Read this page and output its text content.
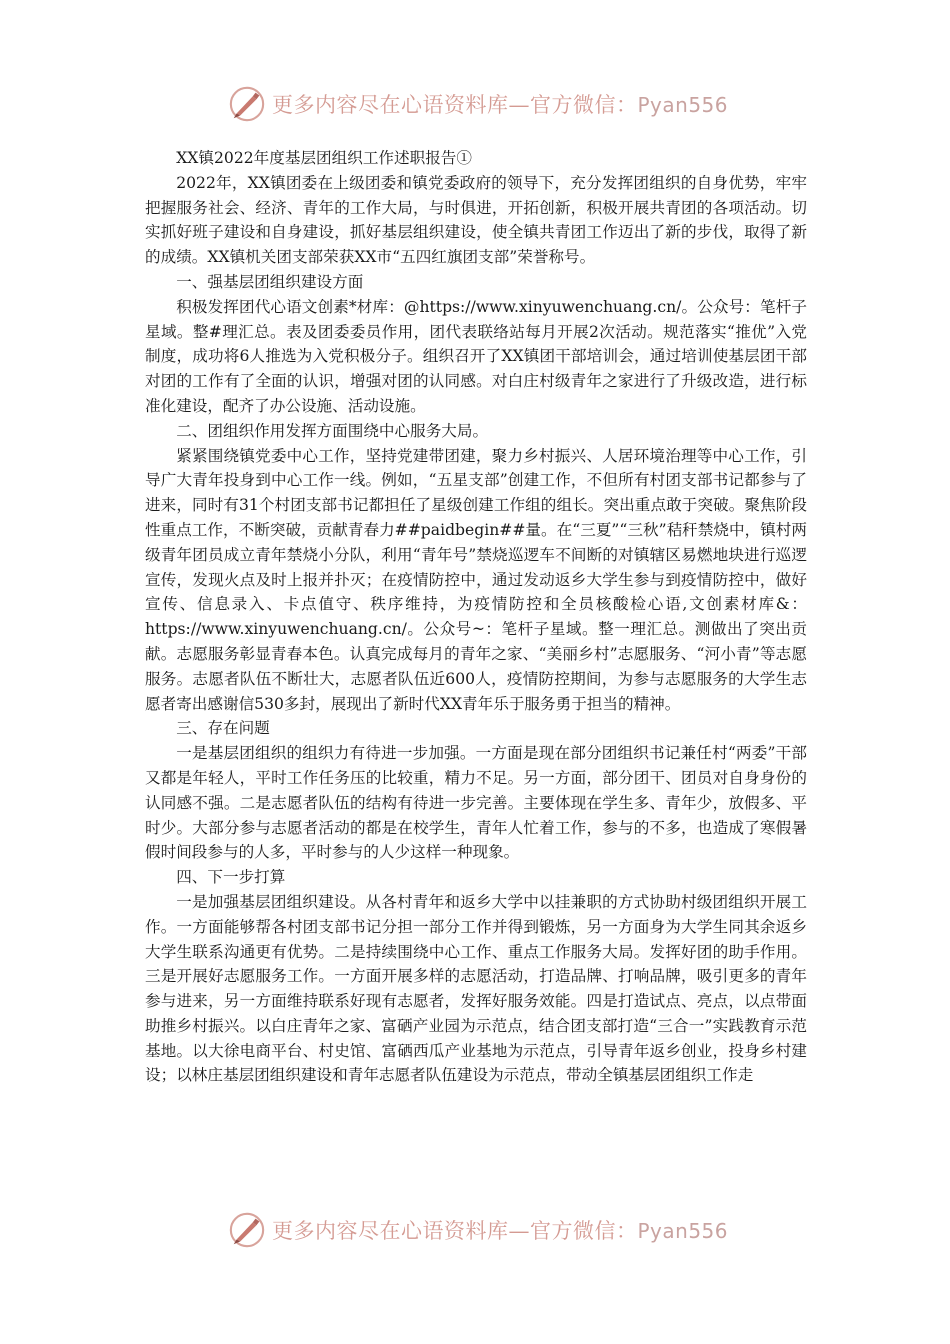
更多内容尽在心语资料库—官方微信：Pyan556

XX镇2022年度基层团组织工作述职报告①

2022年，XX镇团委在上级团委和镇党委政府的领导下，充分发挥团组织的自身优势，牢牢把握服务社会、经济、青年的工作大局，与时俱进，开拓创新，积极开展共青团的各项活动。切实抓好班子建设和自身建设，抓好基层组织建设，使全镇共青团工作迈出了新的步伐，取得了新的成绩。XX镇机关团支部荣获XX市“五四红旗团支部”荣誉称号。

一、强基层团组织建设方面

积极发挥团代心语文创素*材库：@https://www.xinyuwenchuang.cn/。公众号：笔杆子星域。整#理汇总。表及团委委员作用，团代表联络站每月开展2次活动。规范落实“推优”入党制度，成功将6人推选为入党积极分子。组织召开了XX镇团干部培训会，通过培训使基层团干部对团的工作有了全面的认识，增强对团的认同感。对白庄村级青年之家进行了升级改造，进行标准化建设，配齐了办公设施、活动设施。

二、团组织作用发挥方面围绕中心服务大局。

紧紧围绕镇党委中心工作，坚持党建带团建，聚力乡村振兴、人居环境治理等中心工作，引导广大青年投身到中心工作一线。例如，“五星支部”创建工作，不但所有村团支部书记都参与了进来，同时有31个村团支部书记都担任了星级创建工作组的组长。突出重点敢于突破。聚焦阶段性重点工作，不断突破，贡献青春力##paidbegin##量。在“三夏”“三秋”秸秆禁烧中，镇村两级青年团员成立青年禁烧小分队，利用“青年号”禁烧巡逻车不间断的对镇辖区易燃地块进行巡逻宣传，发现火点及时上报并扑灭；在疫情防控中，通过发动返乡大学生参与到疫情防控中，做好宣传、信息录入、卡点值守、秩序维持，为疫情防控和全员核酸检心语,文创素材库&：https://www.xinyuwenchuang.cn/。公众号~：笔杆子星域。整一理汇总。测做出了突出贡献。志愿服务彰显青春本色。认真完成每月的青年之家、“美丽乡村”志愿服务、“河小青”等志愿服务。志愿者队伍不断壮大，志愿者队伍近600人，疫情防控期间，为参与志愿服务的大学生志愿者寄出感谢信530多封，展现出了新时代XX青年乐于服务勇于担当的精神。

三、存在问题

一是基层团组织的组织力有待进一步加强。一方面是现在部分团组织书记兼任村“两委”干部又都是年轻人，平时工作任务压的比较重，精力不足。另一方面，部分团干、团员对自身身份的认同感不强。二是志愿者队伍的结构有待进一步完善。主要体现在学生多、青年少，放假多、平时少。大部分参与志愿者活动的都是在校学生，青年人忙着工作，参与的不多，也造成了寒假暑假时间段参与的人多，平时参与的人少这样一种现象。

四、下一步打算

一是加强基层团组织建设。从各村青年和返乡大学中以挂兼职的方式协助村级团组织开展工作。一方面能够帮各村团支部书记分担一部分工作并得到锻炼，另一方面身为大学生同其余返乡大学生联系沟通更有优势。二是持续围绕中心工作、重点工作服务大局。发挥好团的助手作用。三是开展好志愿服务工作。一方面开展多样的志愿活动，打造品牌、打响品牌，吸引更多的青年参与进来，另一方面维持联系好现有志愿者，发挥好服务效能。四是打造试点、亮点，以点带面助推乡村振兴。以白庄青年之家、富硒产业园为示范点，结合团支部打造“三合一”实践教育示范基地。以大徐电商平台、村史馆、富硒西瓜产业基地为示范点，引导青年返乡创业，投身乡村建设；以林庄基层团组织建设和青年志愿者队伍建设为示范点，带动全镇基层团组织工作走

更多内容尽在心语资料库—官方微信：Pyan556
